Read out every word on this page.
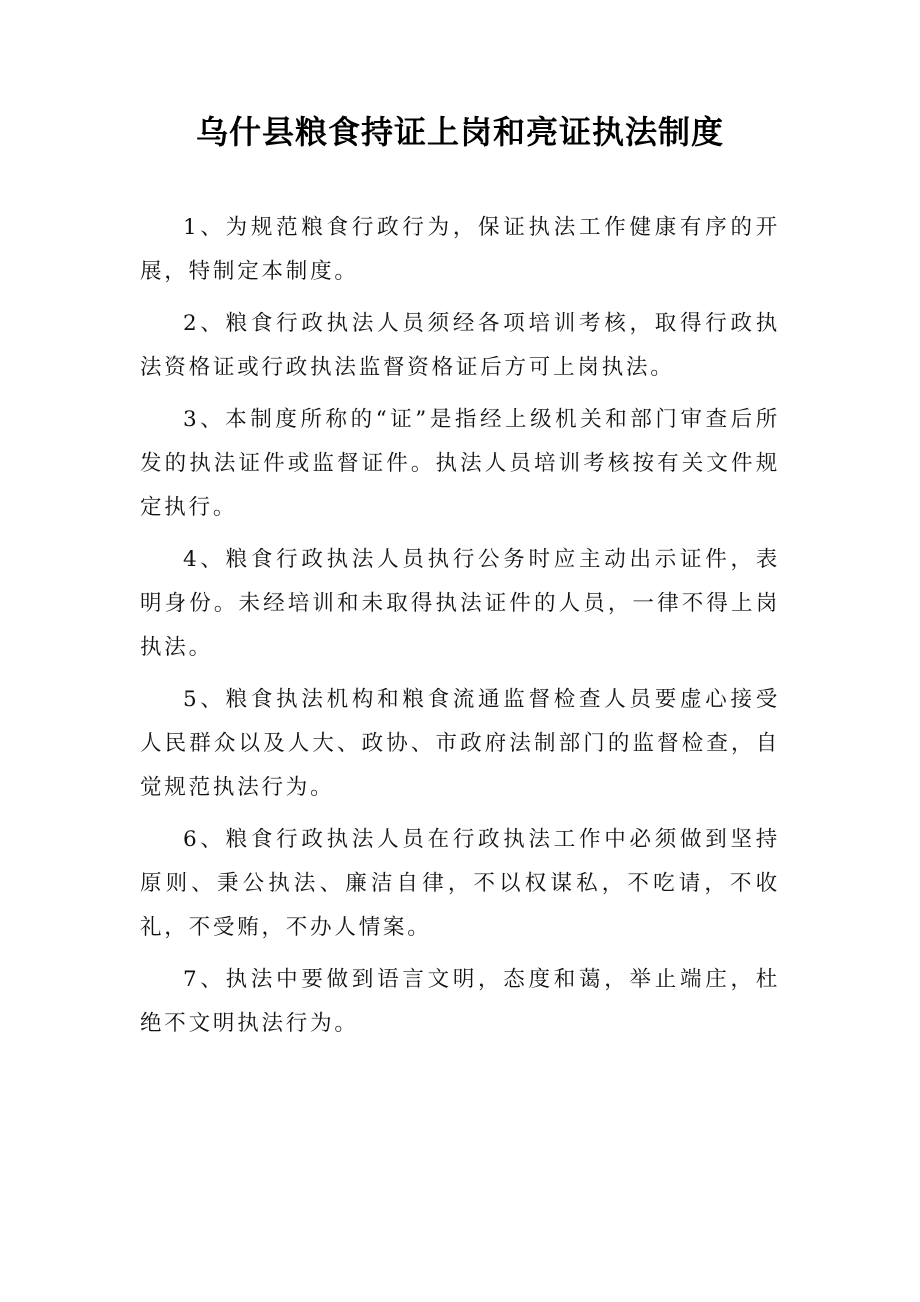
乌什县粮食持证上岗和亮证执法制度

1、为规范粮食行政行为，保证执法工作健康有序的开展，特制定本制度。

2、粮食行政执法人员须经各项培训考核，取得行政执法资格证或行政执法监督资格证后方可上岗执法。

3、本制度所称的“证”是指经上级机关和部门审查后所发的执法证件或监督证件。执法人员培训考核按有关文件规定执行。

4、粮食行政执法人员执行公务时应主动出示证件，表明身份。未经培训和未取得执法证件的人员，一律不得上岗执法。

5、粮食执法机构和粮食流通监督检查人员要虚心接受人民群众以及人大、政协、市政府法制部门的监督检查，自觉规范执法行为。

6、粮食行政执法人员在行政执法工作中必须做到坚持原则、秉公执法、廉洁自律，不以权谋私，不吃请，不收礼，不受贿，不办人情案。

7、执法中要做到语言文明，态度和蔼，举止端庄，杜绝不文明执法行为。
